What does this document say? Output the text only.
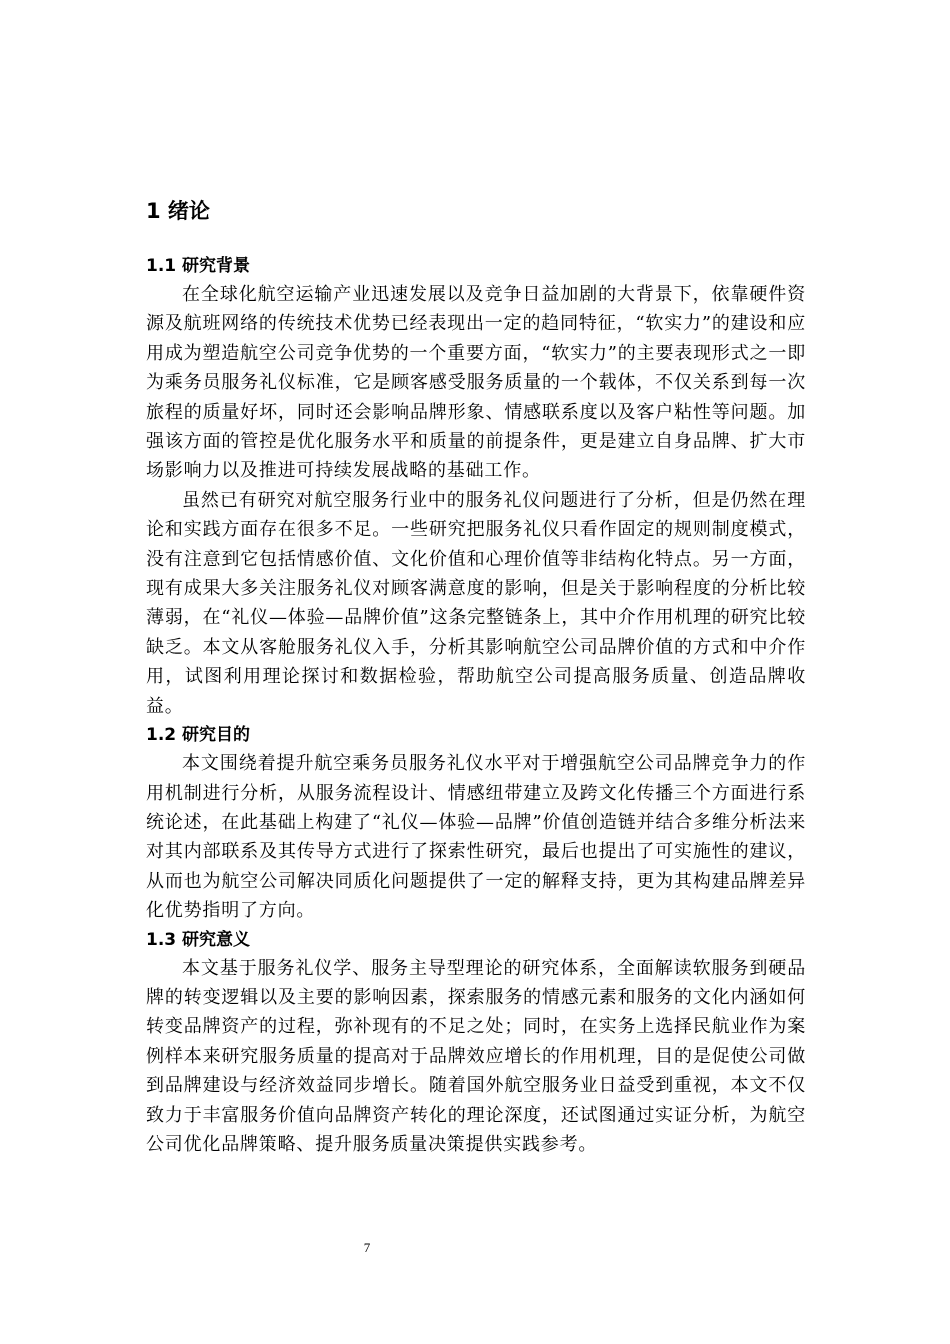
1 绪论
1.1 研究背景

在全球化航空运输产业迅速发展以及竞争日益加剧的大背景下，依靠硬件资源及航班网络的传统技术优势已经表现出一定的趋同特征，“软实力”的建设和应用成为塑造航空公司竞争优势的一个重要方面，“软实力”的主要表现形式之一即为乘务员服务礼仪标准，它是顾客感受服务质量的一个载体，不仅关系到每一次旅程的质量好坏，同时还会影响品牌形象、情感联系度以及客户粘性等问题。加强该方面的管控是优化服务水平和质量的前提条件，更是建立自身品牌、扩大市场影响力以及推进可持续发展战略的基础工作。

虽然已有研究对航空服务行业中的服务礼仪问题进行了分析，但是仍然在理论和实践方面存在很多不足。一些研究把服务礼仪只看作固定的规则制度模式，没有注意到它包括情感价值、文化价值和心理价值等非结构化特点。另一方面，现有成果大多关注服务礼仪对顾客满意度的影响，但是关于影响程度的分析比较薄弱，在“礼仪—体验—品牌价值”这条完整链条上，其中介作用机理的研究比较缺乏。本文从客舱服务礼仪入手，分析其影响航空公司品牌价值的方式和中介作用，试图利用理论探讨和数据检验，帮助航空公司提高服务质量、创造品牌收益。

1.2 研究目的

本文围绕着提升航空乘务员服务礼仪水平对于增强航空公司品牌竞争力的作用机制进行分析，从服务流程设计、情感纽带建立及跨文化传播三个方面进行系统论述，在此基础上构建了“礼仪—体验—品牌”价值创造链并结合多维分析法来对其内部联系及其传导方式进行了探索性研究，最后也提出了可实施性的建议，从而也为航空公司解决同质化问题提供了一定的解释支持，更为其构建品牌差异化优势指明了方向。

1.3 研究意义

本文基于服务礼仪学、服务主导型理论的研究体系，全面解读软服务到硬品牌的转变逻辑以及主要的影响因素，探索服务的情感元素和服务的文化内涵如何转变品牌资产的过程，弥补现有的不足之处；同时，在实务上选择民航业作为案例样本来研究服务质量的提高对于品牌效应增长的作用机理，目的是促使公司做到品牌建设与经济效益同步增长。随着国外航空服务业日益受到重视，本文不仅致力于丰富服务价值向品牌资产转化的理论深度，还试图通过实证分析，为航空公司优化品牌策略、提升服务质量决策提供实践参考。

7
